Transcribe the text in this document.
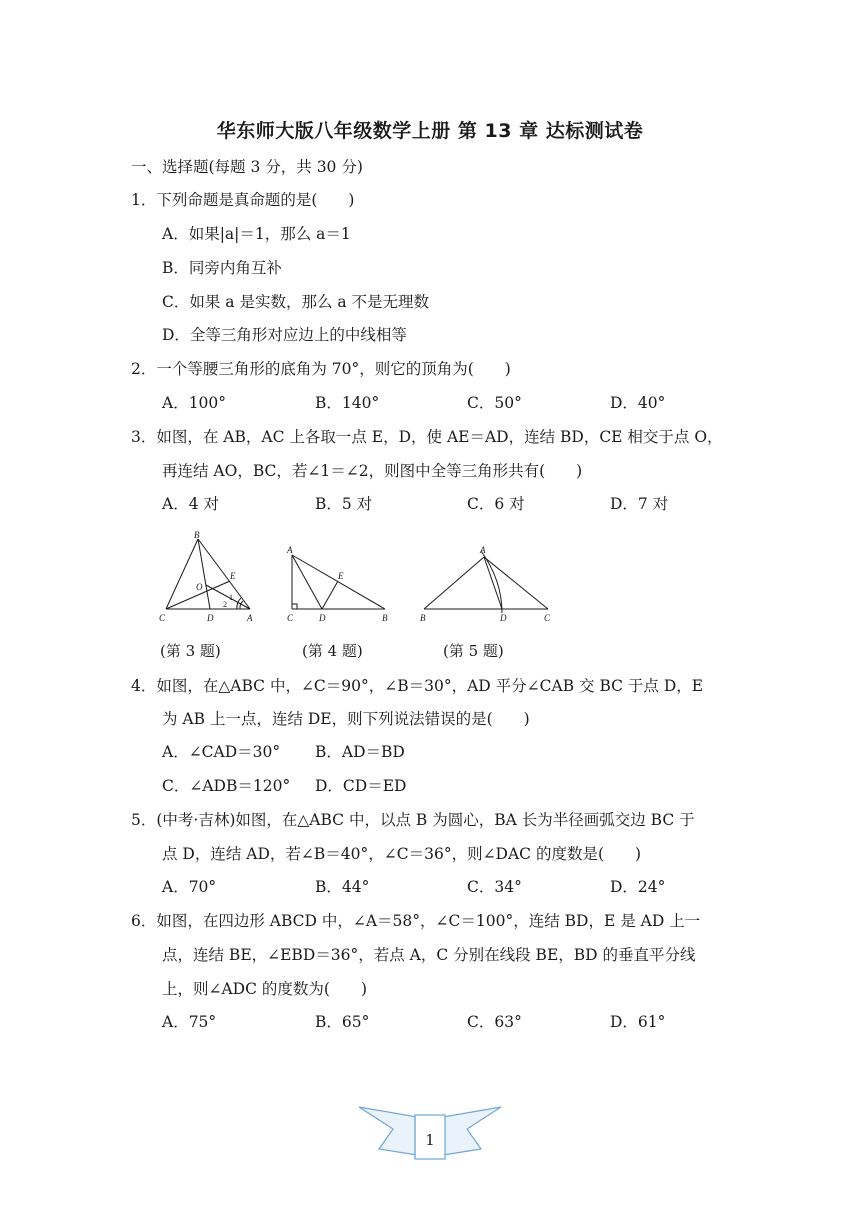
华东师大版八年级数学上册 第 13 章 达标测试卷
一、选择题(每题 3 分，共 30 分)
1．下列命题是真命题的是(　　)
A．如果|a|＝1，那么 a＝1
B．同旁内角互补
C．如果 a 是实数，那么 a 不是无理数
D．全等三角形对应边上的中线相等
2．一个等腰三角形的底角为 70°，则它的顶角为(　　)
A．100°	B．140°	C．50°	D．40°
3．如图，在 AB，AC 上各取一点 E，D，使 AE＝AD，连结 BD，CE 相交于点 O，
再连结 AO，BC，若∠1＝∠2，则图中全等三角形共有(　　)
A．4 对	B．5 对	C．6 对	D．7 对
B
O
E
1
2
C	D	A
A
E
C	D	B
A
B	D	C
(第 3 题)	(第 4 题)	(第 5 题)
4．如图，在△ABC 中，∠C＝90°，∠B＝30°，AD 平分∠CAB 交 BC 于点 D，E
为 AB 上一点，连结 DE，则下列说法错误的是(　　)
A．∠CAD＝30° B．AD＝BD
C．∠ADB＝120° D．CD＝ED
5．(中考·吉林)如图，在△ABC 中，以点 B 为圆心，BA 长为半径画弧交边 BC 于
点 D，连结 AD，若∠B＝40°，∠C＝36°，则∠DAC 的度数是(　　)
A．70°	B．44°	C．34°	D．24°
6．如图，在四边形 ABCD 中，∠A＝58°，∠C＝100°，连结 BD，E 是 AD 上一
点，连结 BE，∠EBD＝36°，若点 A，C 分别在线段 BE，BD 的垂直平分线
上，则∠ADC 的度数为(　　)
A．75°	B．65°	C．63°	D．61°
1
